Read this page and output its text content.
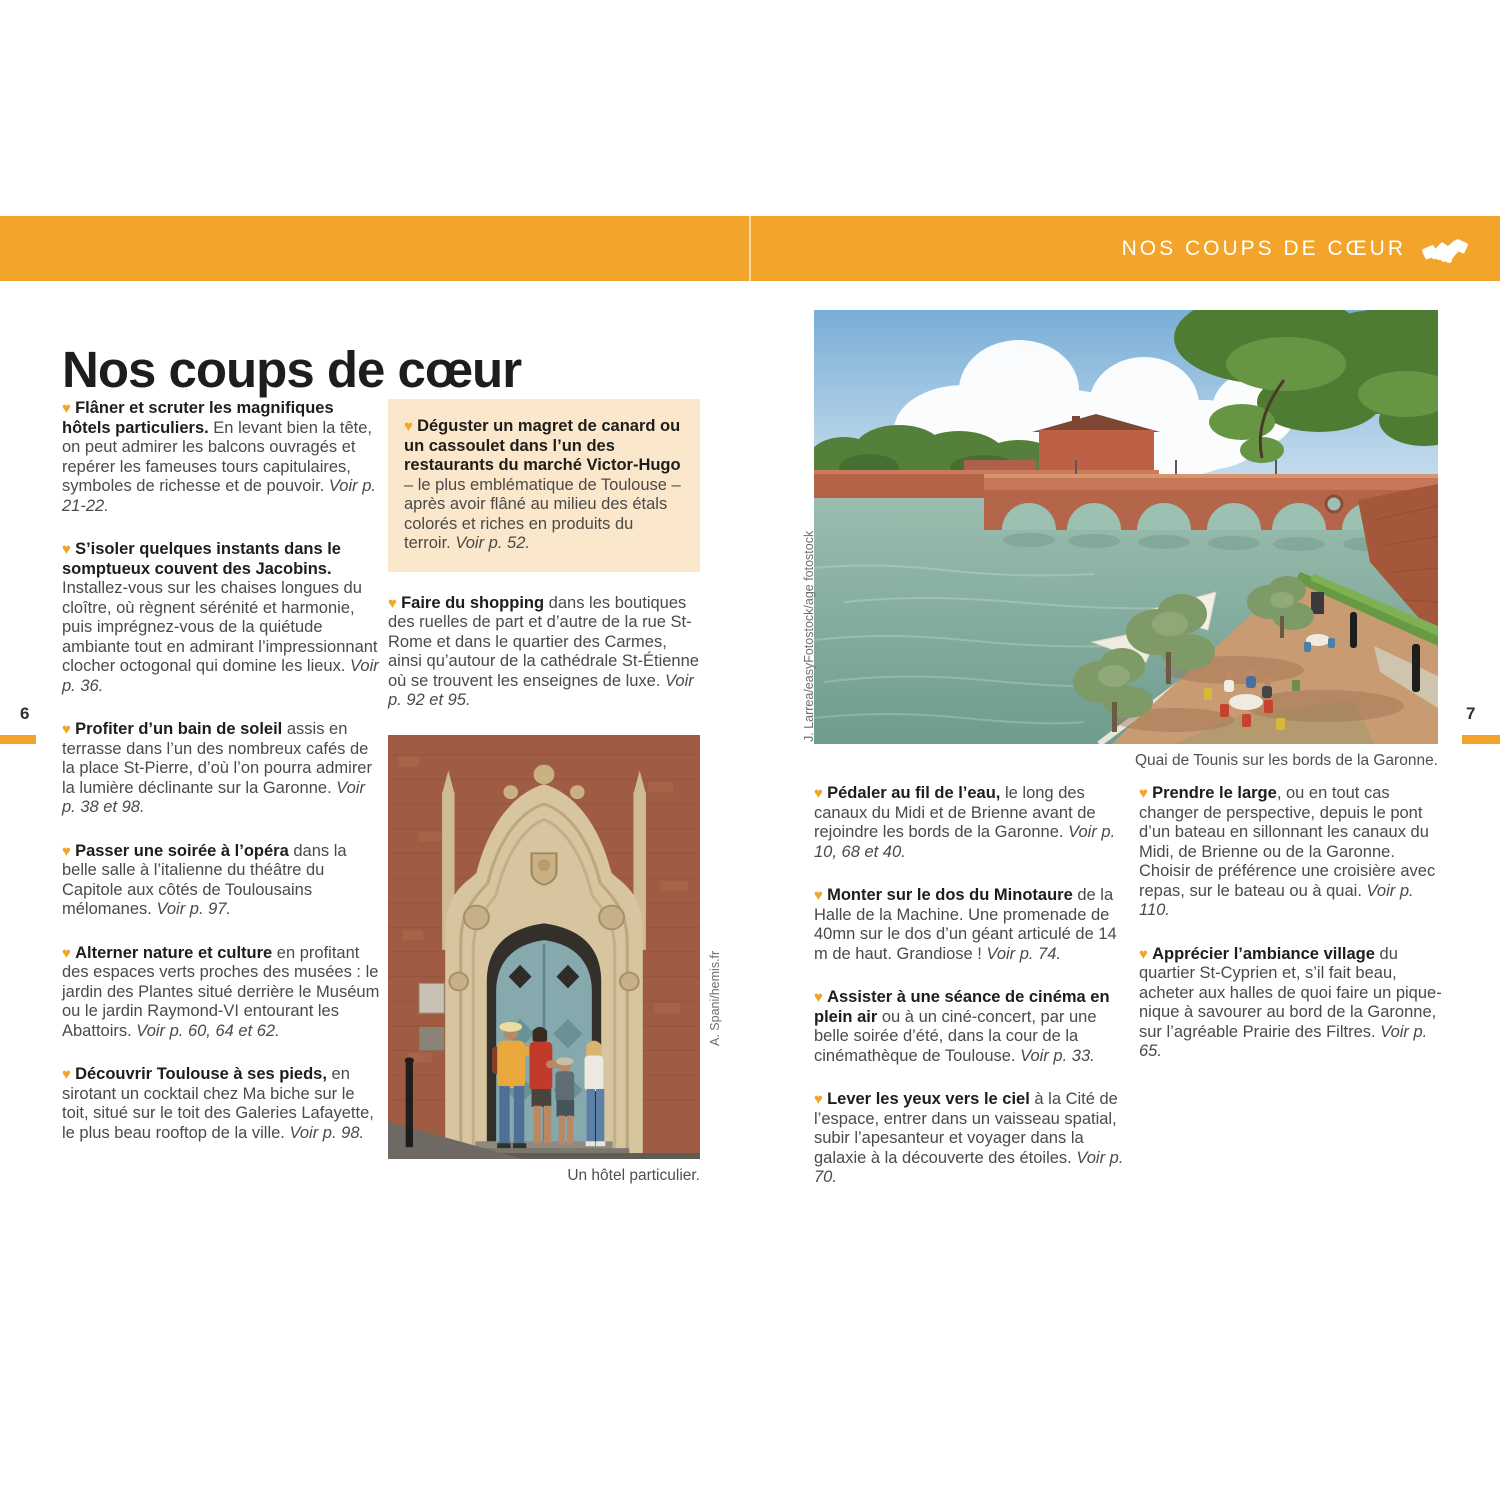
NOS COUPS DE CŒUR
Nos coups de cœur

♥ Flâner et scruter les magnifiques hôtels particuliers. En levant bien la tête, on peut admirer les balcons ouvragés et repérer les fameuses tours capitulaires, symboles de richesse et de pouvoir. Voir p. 21-22.

♥ S’isoler quelques instants dans le somptueux couvent des Jacobins. Installez-vous sur les chaises longues du cloître, où règnent sérénité et harmonie, puis imprégnez-vous de la quiétude ambiante tout en admirant l’impressionnant clocher octogonal qui domine les lieux. Voir p. 36.

♥ Profiter d’un bain de soleil assis en terrasse dans l’un des nombreux cafés de la place St-Pierre, d’où l’on pourra admirer la lumière déclinante sur la Garonne. Voir p. 38 et 98.

♥ Passer une soirée à l’opéra dans la belle salle à l’italienne du théâtre du Capitole aux côtés de Toulousains mélomanes. Voir p. 97.

♥ Alterner nature et culture en profitant des espaces verts proches des musées : le jardin des Plantes situé derrière le Muséum ou le jardin Raymond-VI entourant les Abattoirs. Voir p. 60, 64 et 62.

♥ Découvrir Toulouse à ses pieds, en sirotant un cocktail chez Ma biche sur le toit, situé sur le toit des Galeries Lafayette, le plus beau rooftop de la ville. Voir p. 98.

♥ Déguster un magret de canard ou un cassoulet dans l’un des restaurants du marché Victor-Hugo – le plus emblématique de Toulouse – après avoir flâné au milieu des étals colorés et riches en produits du terroir. Voir p. 52.

♥ Faire du shopping dans les boutiques des ruelles de part et d’autre de la rue St-Rome et dans le quartier des Carmes, ainsi qu’autour de la cathédrale St-Étienne où se trouvent les enseignes de luxe. Voir p. 92 et 95.

Un hôtel particulier.
A. Spani/hemis.fr
6	J. Larrea/easyFotostock/age fotostock
Quai de Tounis sur les bords de la Garonne.

♥ Pédaler au fil de l’eau, le long des canaux du Midi et de Brienne avant de rejoindre les bords de la Garonne. Voir p. 10, 68 et 40.

♥ Monter sur le dos du Minotaure de la Halle de la Machine. Une promenade de 40mn sur le dos d’un géant articulé de 14 m de haut. Grandiose ! Voir p. 74.

♥ Assister à une séance de cinéma en plein air ou à un ciné-concert, par une belle soirée d’été, dans la cour de la cinémathèque de Toulouse. Voir p. 33.

♥ Lever les yeux vers le ciel à la Cité de l’espace, entrer dans un vaisseau spatial, subir l’apesanteur et voyager dans la galaxie à la découverte des étoiles. Voir p. 70.

♥ Prendre le large, ou en tout cas changer de perspective, depuis le pont d’un bateau en sillonnant les canaux du Midi, de Brienne ou de la Garonne. Choisir de préférence une croisière avec repas, sur le bateau ou à quai. Voir p. 110.

♥ Apprécier l’ambiance village du quartier St-Cyprien et, s’il fait beau, acheter aux halles de quoi faire un pique-nique à savourer au bord de la Garonne, sur l’agréable Prairie des Filtres. Voir p. 65.

7
